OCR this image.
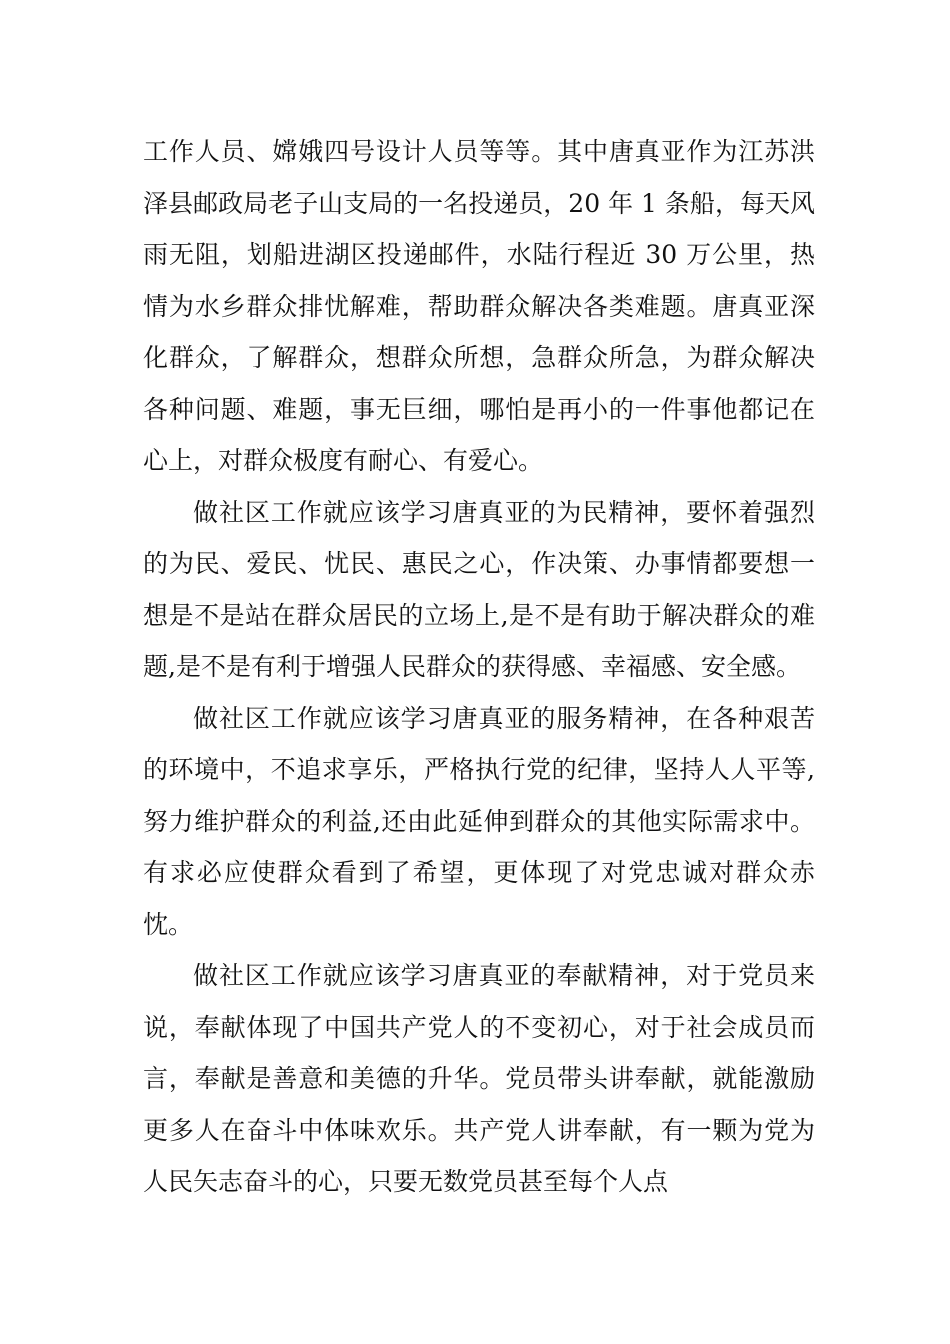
工作人员、嫦娥四号设计人员等等。其中唐真亚作为江苏洪泽县邮政局老子山支局的一名投递员，20 年 1 条船，每天风雨无阻，划船进湖区投递邮件，水陆行程近 30 万公里，热情为水乡群众排忧解难，帮助群众解决各类难题。唐真亚深化群众，了解群众，想群众所想，急群众所急，为群众解决各种问题、难题，事无巨细，哪怕是再小的一件事他都记在心上，对群众极度有耐心、有爱心。

做社区工作就应该学习唐真亚的为民精神，要怀着强烈的为民、爱民、忧民、惠民之心，作决策、办事情都要想一想是不是站在群众居民的立场上,是不是有助于解决群众的难题,是不是有利于增强人民群众的获得感、幸福感、安全感。

做社区工作就应该学习唐真亚的服务精神，在各种艰苦的环境中，不追求享乐，严格执行党的纪律，坚持人人平等,努力维护群众的利益,还由此延伸到群众的其他实际需求中。有求必应使群众看到了希望，更体现了对党忠诚对群众赤忱。

做社区工作就应该学习唐真亚的奉献精神，对于党员来说，奉献体现了中国共产党人的不变初心，对于社会成员而言，奉献是善意和美德的升华。党员带头讲奉献，就能激励更多人在奋斗中体味欢乐。共产党人讲奉献，有一颗为党为人民矢志奋斗的心，只要无数党员甚至每个人点
